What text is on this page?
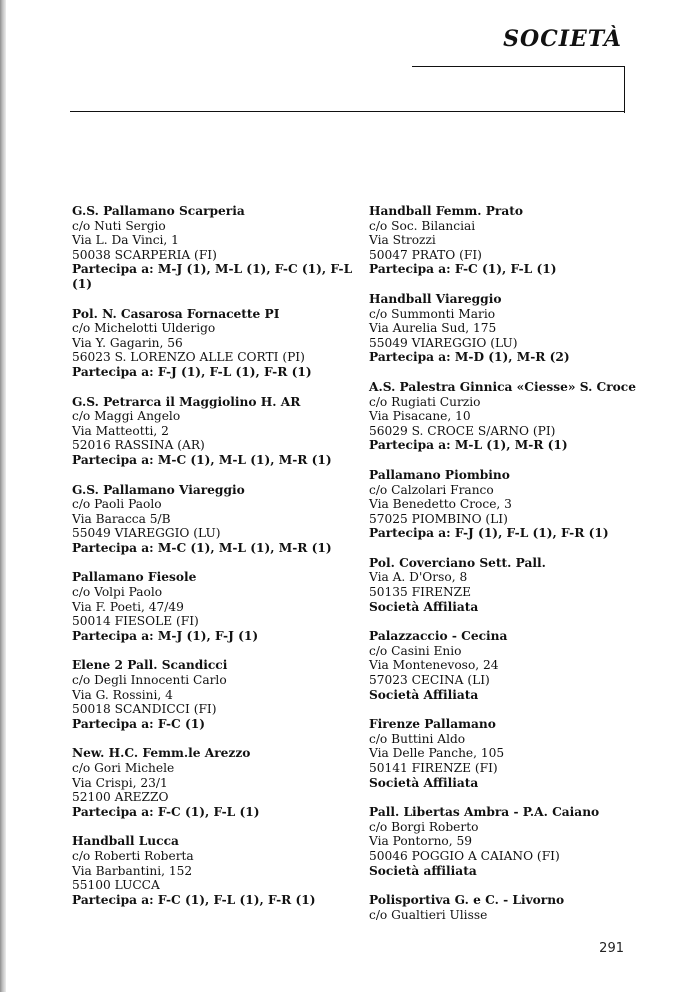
SOCIETÀ
G.S. Pallamano Scarperia
c/o Nuti Sergio
Via L. Da Vinci, 1
50038 SCARPERIA (FI)
Partecipa a: M-J (1), M-L (1), F-C (1), F-L (1)
Pol. N. Casarosa Fornacette PI
c/o Michelotti Ulderigo
Via Y. Gagarin, 56
56023 S. LORENZO ALLE CORTI (PI)
Partecipa a: F-J (1), F-L (1), F-R (1)
G.S. Petrarca il Maggiolino H. AR
c/o Maggi Angelo
Via Matteotti, 2
52016 RASSINA (AR)
Partecipa a: M-C (1), M-L (1), M-R (1)
G.S. Pallamano Viareggio
c/o Paoli Paolo
Via Baracca 5/B
55049 VIAREGGIO (LU)
Partecipa a: M-C (1), M-L (1), M-R (1)
Pallamano Fiesole
c/o Volpi Paolo
Via F. Poeti, 47/49
50014 FIESOLE (FI)
Partecipa a: M-J (1), F-J (1)
Elene 2 Pall. Scandicci
c/o Degli Innocenti Carlo
Via G. Rossini, 4
50018 SCANDICCI (FI)
Partecipa a: F-C (1)
New. H.C. Femm.le Arezzo
c/o Gori Michele
Via Crispi, 23/1
52100 AREZZO
Partecipa a: F-C (1), F-L (1)
Handball Lucca
c/o Roberti Roberta
Via Barbantini, 152
55100 LUCCA
Partecipa a: F-C (1), F-L (1), F-R (1)
Handball Femm. Prato
c/o Soc. Bilanciai
Via Strozzi
50047 PRATO (FI)
Partecipa a: F-C (1), F-L (1)
Handball Viareggio
c/o Summonti Mario
Via Aurelia Sud, 175
55049 VIAREGGIO (LU)
Partecipa a: M-D (1), M-R (2)
A.S. Palestra Ginnica «Ciesse» S. Croce
c/o Rugiati Curzio
Via Pisacane, 10
56029 S. CROCE S/ARNO (PI)
Partecipa a: M-L (1), M-R (1)
Pallamano Piombino
c/o Calzolari Franco
Via Benedetto Croce, 3
57025 PIOMBINO (LI)
Partecipa a: F-J (1), F-L (1), F-R (1)
Pol. Coverciano Sett. Pall.
Via A. D'Orso, 8
50135 FIRENZE
Società Affiliata
Palazzaccio - Cecina
c/o Casini Enio
Via Montenevoso, 24
57023 CECINA (LI)
Società Affiliata
Firenze Pallamano
c/o Buttini Aldo
Via Delle Panche, 105
50141 FIRENZE (FI)
Società Affiliata
Pall. Libertas Ambra - P.A. Caiano
c/o Borgi Roberto
Via Pontorno, 59
50046 POGGIO A CAIANO (FI)
Società affiliata
Polisportiva G. e C. - Livorno
c/o Gualtieri Ulisse
291
